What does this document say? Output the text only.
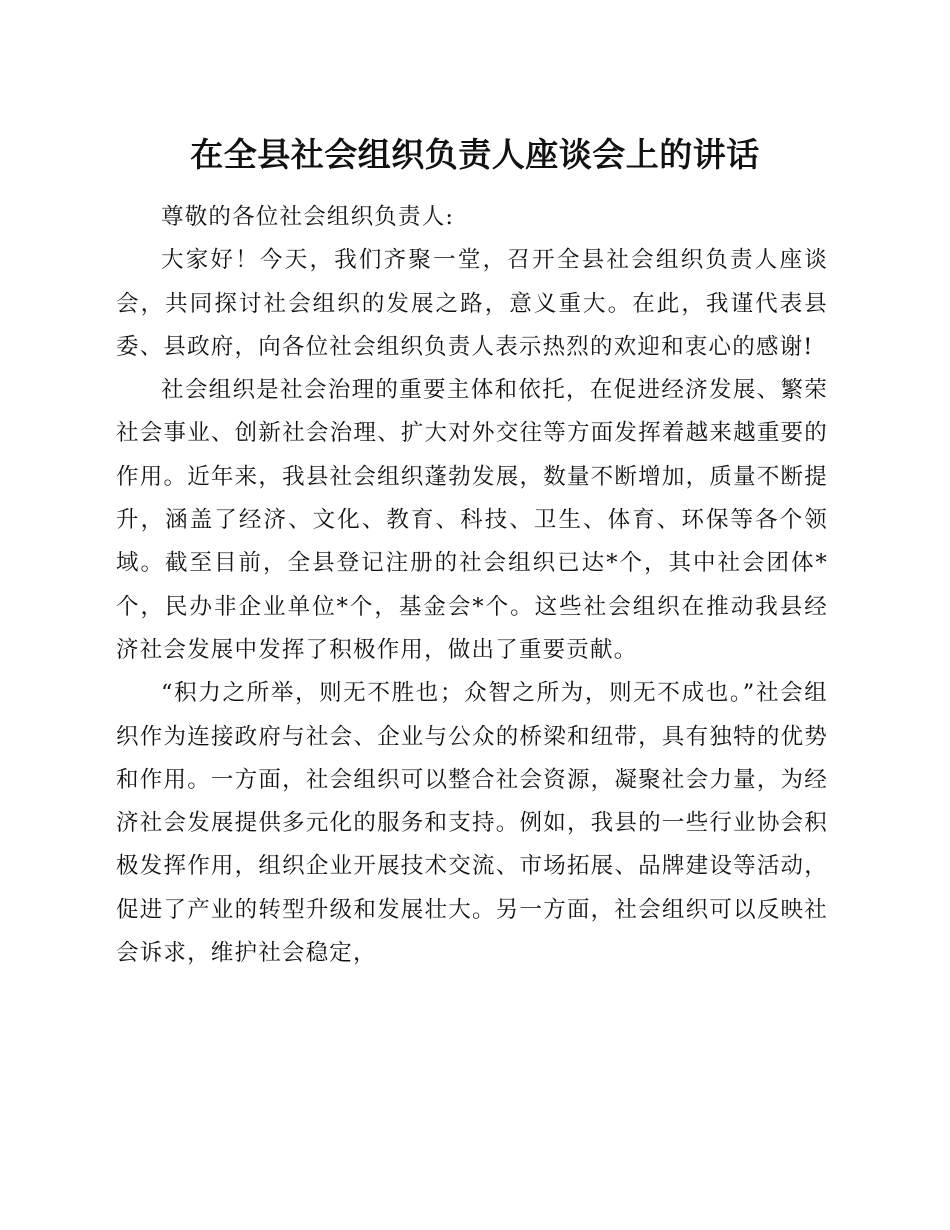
在全县社会组织负责人座谈会上的讲话

尊敬的各位社会组织负责人:

大家好！今天，我们齐聚一堂，召开全县社会组织负责人座谈会，共同探讨社会组织的发展之路，意义重大。在此，我谨代表县委、县政府，向各位社会组织负责人表示热烈的欢迎和衷心的感谢!

社会组织是社会治理的重要主体和依托，在促进经济发展、繁荣社会事业、创新社会治理、扩大对外交往等方面发挥着越来越重要的作用。近年来，我县社会组织蓬勃发展，数量不断增加，质量不断提升，涵盖了经济、文化、教育、科技、卫生、体育、环保等各个领域。截至目前，全县登记注册的社会组织已达*个，其中社会团体*个，民办非企业单位*个，基金会*个。这些社会组织在推动我县经济社会发展中发挥了积极作用，做出了重要贡献。

“积力之所举，则无不胜也；众智之所为，则无不成也。”社会组织作为连接政府与社会、企业与公众的桥梁和纽带，具有独特的优势和作用。一方面，社会组织可以整合社会资源，凝聚社会力量，为经济社会发展提供多元化的服务和支持。例如，我县的一些行业协会积极发挥作用，组织企业开展技术交流、市场拓展、品牌建设等活动，促进了产业的转型升级和发展壮大。另一方面，社会组织可以反映社会诉求，维护社会稳定，
